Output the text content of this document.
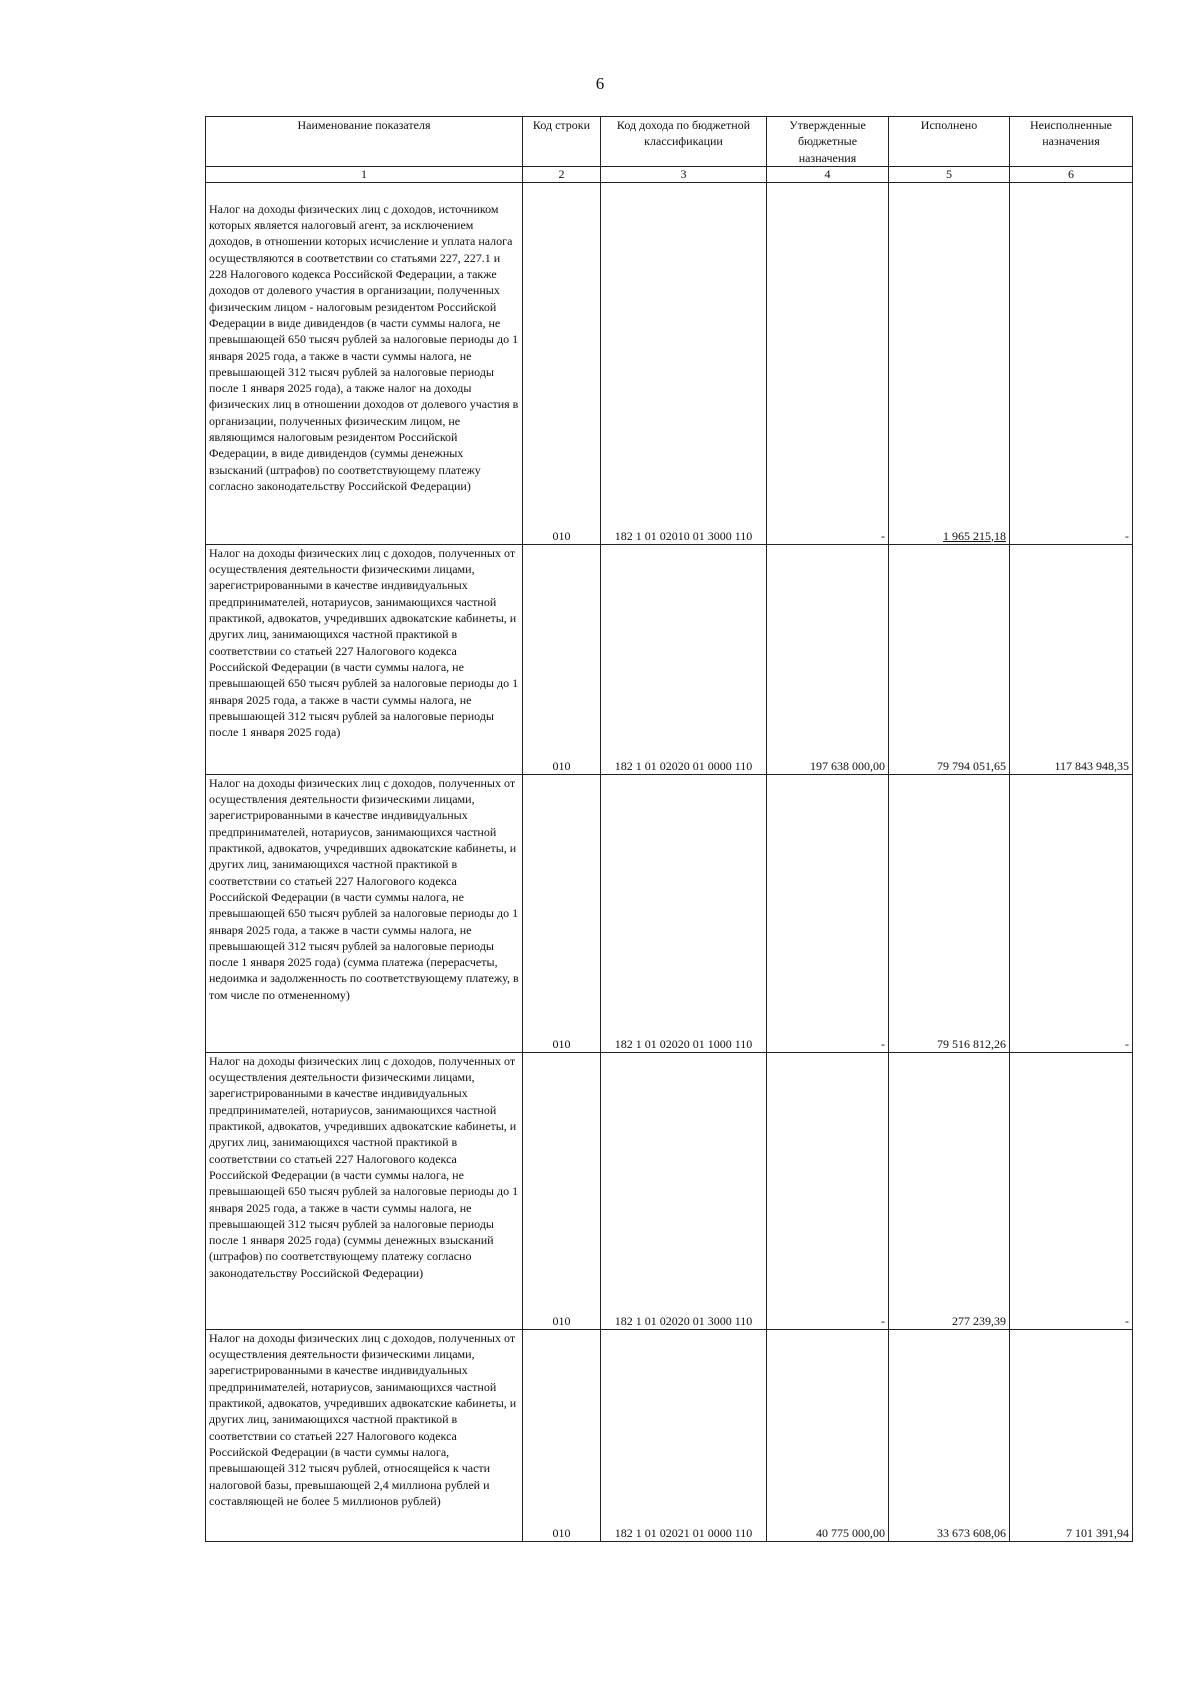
6
Наименование показателя	Код строки	Код дохода по бюджетной классификации	Утвержденные бюджетные назначения	Исполнено	Неисполненные назначения
1	2	3	4	5	6
Налог на доходы физических лиц с доходов, источником которых является налоговый агент, за исключением доходов, в отношении которых исчисление и уплата налога осуществляются в соответствии со статьями 227, 227.1 и 228 Налогового кодекса Российской Федерации, а также доходов от долевого участия в организации, полученных физическим лицом - налоговым резидентом Российской Федерации в виде дивидендов (в части суммы налога, не превышающей 650 тысяч рублей за налоговые периоды до 1 января 2025 года, а также в части суммы налога, не превышающей 312 тысяч рублей за налоговые периоды после 1 января 2025 года), а также налог на доходы физических лиц в отношении доходов от долевого участия в организации, полученных физическим лицом, не являющимся налоговым резидентом Российской Федерации, в виде дивидендов (суммы денежных взысканий (штрафов) по соответствующему платежу согласно законодательству Российской Федерации)	010	182 1 01 02010 01 3000 110	-	1 965 215,18	-
Налог на доходы физических лиц с доходов, полученных от осуществления деятельности физическими лицами, зарегистрированными в качестве индивидуальных предпринимателей, нотариусов, занимающихся частной практикой, адвокатов, учредивших адвокатские кабинеты, и других лиц, занимающихся частной практикой в соответствии со статьей 227 Налогового кодекса Российской Федерации (в части суммы налога, не превышающей 650 тысяч рублей за налоговые периоды до 1 января 2025 года, а также в части суммы налога, не превышающей 312 тысяч рублей за налоговые периоды после 1 января 2025 года)	010	182 1 01 02020 01 0000 110	197 638 000,00	79 794 051,65	117 843 948,35
Налог на доходы физических лиц с доходов, полученных от осуществления деятельности физическими лицами, зарегистрированными в качестве индивидуальных предпринимателей, нотариусов, занимающихся частной практикой, адвокатов, учредивших адвокатские кабинеты, и других лиц, занимающихся частной практикой в соответствии со статьей 227 Налогового кодекса Российской Федерации (в части суммы налога, не превышающей 650 тысяч рублей за налоговые периоды до 1 января 2025 года, а также в части суммы налога, не превышающей 312 тысяч рублей за налоговые периоды после 1 января 2025 года) (сумма платежа (перерасчеты, недоимка и задолженность по соответствующему платежу, в том числе по отмененному)	010	182 1 01 02020 01 1000 110	-	79 516 812,26	-
Налог на доходы физических лиц с доходов, полученных от осуществления деятельности физическими лицами, зарегистрированными в качестве индивидуальных предпринимателей, нотариусов, занимающихся частной практикой, адвокатов, учредивших адвокатские кабинеты, и других лиц, занимающихся частной практикой в соответствии со статьей 227 Налогового кодекса Российской Федерации (в части суммы налога, не превышающей 650 тысяч рублей за налоговые периоды до 1 января 2025 года, а также в части суммы налога, не превышающей 312 тысяч рублей за налоговые периоды после 1 января 2025 года) (суммы денежных взысканий (штрафов) по соответствующему платежу согласно законодательству Российской Федерации)	010	182 1 01 02020 01 3000 110	-	277 239,39	-
Налог на доходы физических лиц с доходов, полученных от осуществления деятельности физическими лицами, зарегистрированными в качестве индивидуальных предпринимателей, нотариусов, занимающихся частной практикой, адвокатов, учредивших адвокатские кабинеты, и других лиц, занимающихся частной практикой в соответствии со статьей 227 Налогового кодекса Российской Федерации (в части суммы налога, превышающей 312 тысяч рублей, относящейся к части налоговой базы, превышающей 2,4 миллиона рублей и составляющей не более 5 миллионов рублей)	010	182 1 01 02021 01 0000 110	40 775 000,00	33 673 608,06	7 101 391,94
